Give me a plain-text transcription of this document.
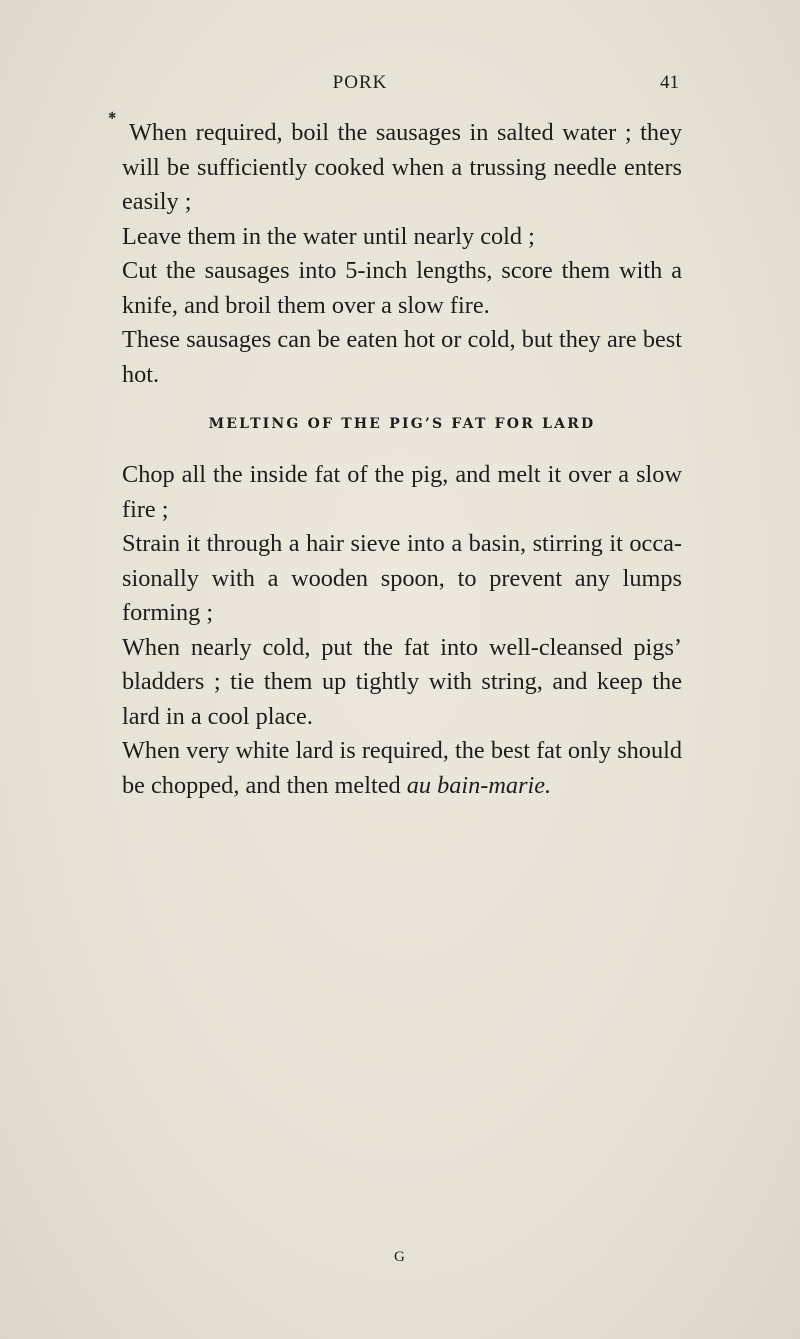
✱
PORK	41

When required, boil the sausages in salted water ; they will be sufficiently cooked when a trussing needle enters easily ;

Leave them in the water until nearly cold ;

Cut the sausages into 5-inch lengths, score them with a knife, and broil them over a slow fire.

These sausages can be eaten hot or cold, but they are best hot.

MELTING OF THE PIG’S FAT FOR LARD

Chop all the inside fat of the pig, and melt it over a slow fire ;

Strain it through a hair sieve into a basin, stirring it occa-sionally with a wooden spoon, to prevent any lumps forming ;

When nearly cold, put the fat into well-cleansed pigs’ bladders ; tie them up tightly with string, and keep the lard in a cool place.

When very white lard is required, the best fat only should be chopped, and then melted au bain-marie.

G
